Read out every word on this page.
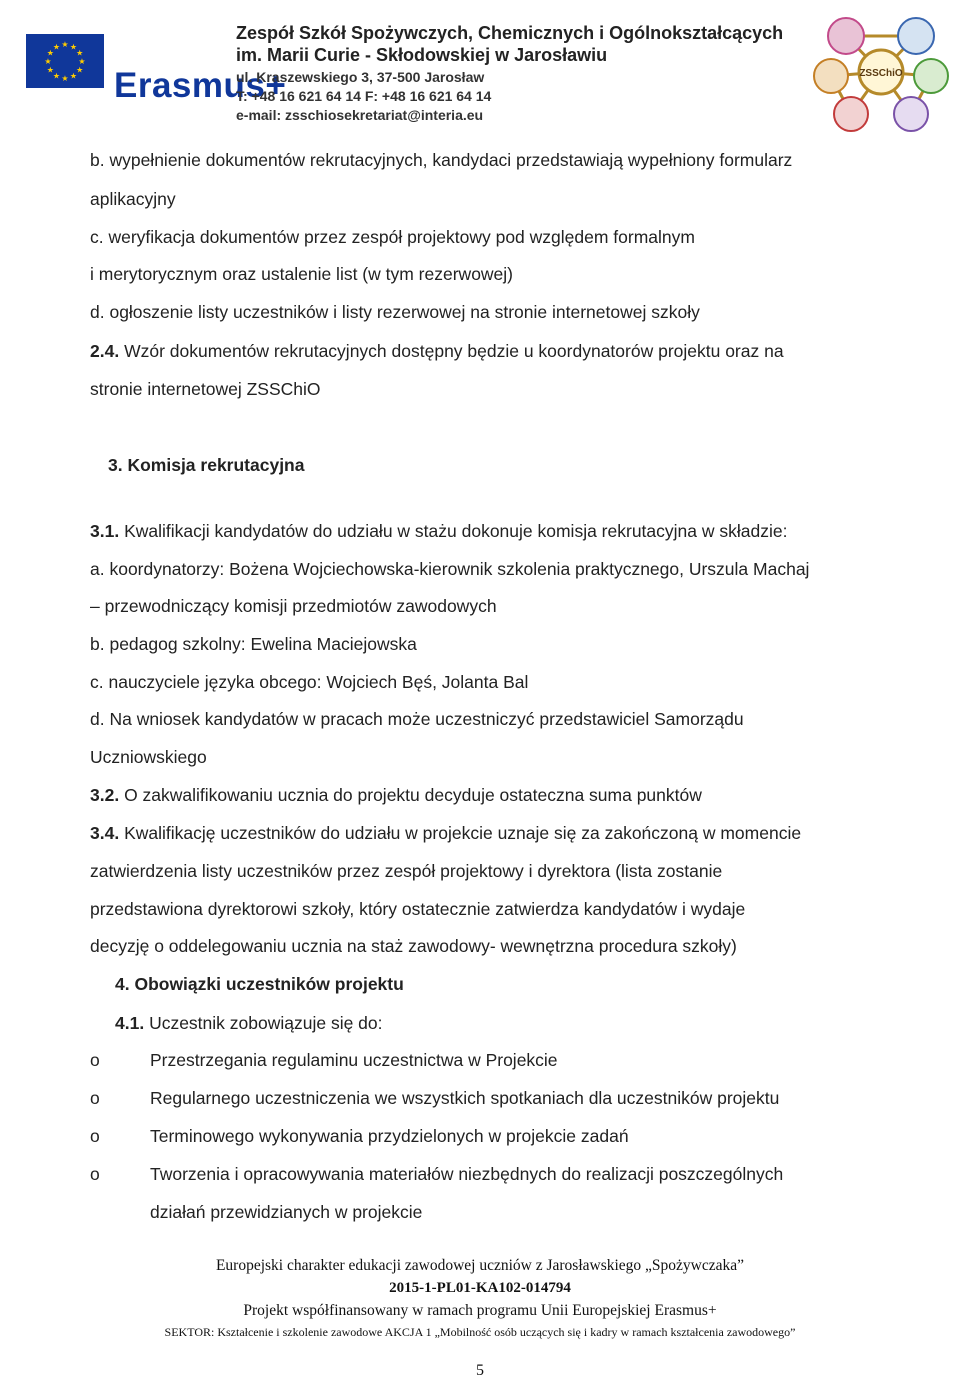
★ ★
★
★
★
★
★
★
★
★
★
★
Erasmus+
Zespół Szkół Spożywczych, Chemicznych i Ogólnokształcących
im. Marii Curie - Skłodowskiej w Jarosławiu
ul. Kraszewskiego 3, 37-500 Jarosław
T: +48 16 621 64 14 F: +48 16 621 64 14
e-mail: zsschiosekretariat@interia.eu
ZSSChiO
b. wypełnienie dokumentów rekrutacyjnych, kandydaci przedstawiają wypełniony formularz
aplikacyjny
c. weryfikacja dokumentów przez zespół projektowy pod względem formalnym
i merytorycznym oraz ustalenie list (w tym rezerwowej)
d. ogłoszenie listy uczestników i listy rezerwowej na stronie internetowej szkoły
2.4. Wzór dokumentów rekrutacyjnych dostępny będzie u koordynatorów projektu oraz na
stronie internetowej ZSSChiO
3. Komisja rekrutacyjna
3.1. Kwalifikacji kandydatów do udziału w stażu dokonuje komisja rekrutacyjna w składzie:
a. koordynatorzy: Bożena Wojciechowska-kierownik szkolenia praktycznego, Urszula Machaj
– przewodniczący komisji przedmiotów zawodowych
b. pedagog szkolny: Ewelina Maciejowska
c. nauczyciele języka obcego: Wojciech Bęś, Jolanta Bal
d. Na wniosek kandydatów w pracach może uczestniczyć przedstawiciel Samorządu
Uczniowskiego
3.2. O zakwalifikowaniu ucznia do projektu decyduje ostateczna suma punktów
3.4. Kwalifikację uczestników do udziału w projekcie uznaje się za zakończoną w momencie
zatwierdzenia listy uczestników przez zespół projektowy i dyrektora (lista zostanie
przedstawiona dyrektorowi szkoły, który ostatecznie zatwierdza kandydatów i wydaje
decyzję o oddelegowaniu ucznia na staż zawodowy- wewnętrzna procedura szkoły)
4. Obowiązki uczestników projektu
4.1. Uczestnik zobowiązuje się do:
o	Przestrzegania regulaminu uczestnictwa w Projekcie
o	Regularnego uczestniczenia we wszystkich spotkaniach dla uczestników projektu
o	Terminowego wykonywania przydzielonych w projekcie zadań
o	Tworzenia i opracowywania materiałów niezbędnych do realizacji poszczególnych
działań przewidzianych w projekcie
Europejski charakter edukacji zawodowej uczniów z Jarosławskiego „Spożywczaka”
2015-1-PL01-KA102-014794
Projekt współfinansowany w ramach programu Unii Europejskiej Erasmus+
SEKTOR: Kształcenie i szkolenie zawodowe AKCJA 1 „Mobilność osób uczących się i kadry w ramach kształcenia zawodowego”
5
